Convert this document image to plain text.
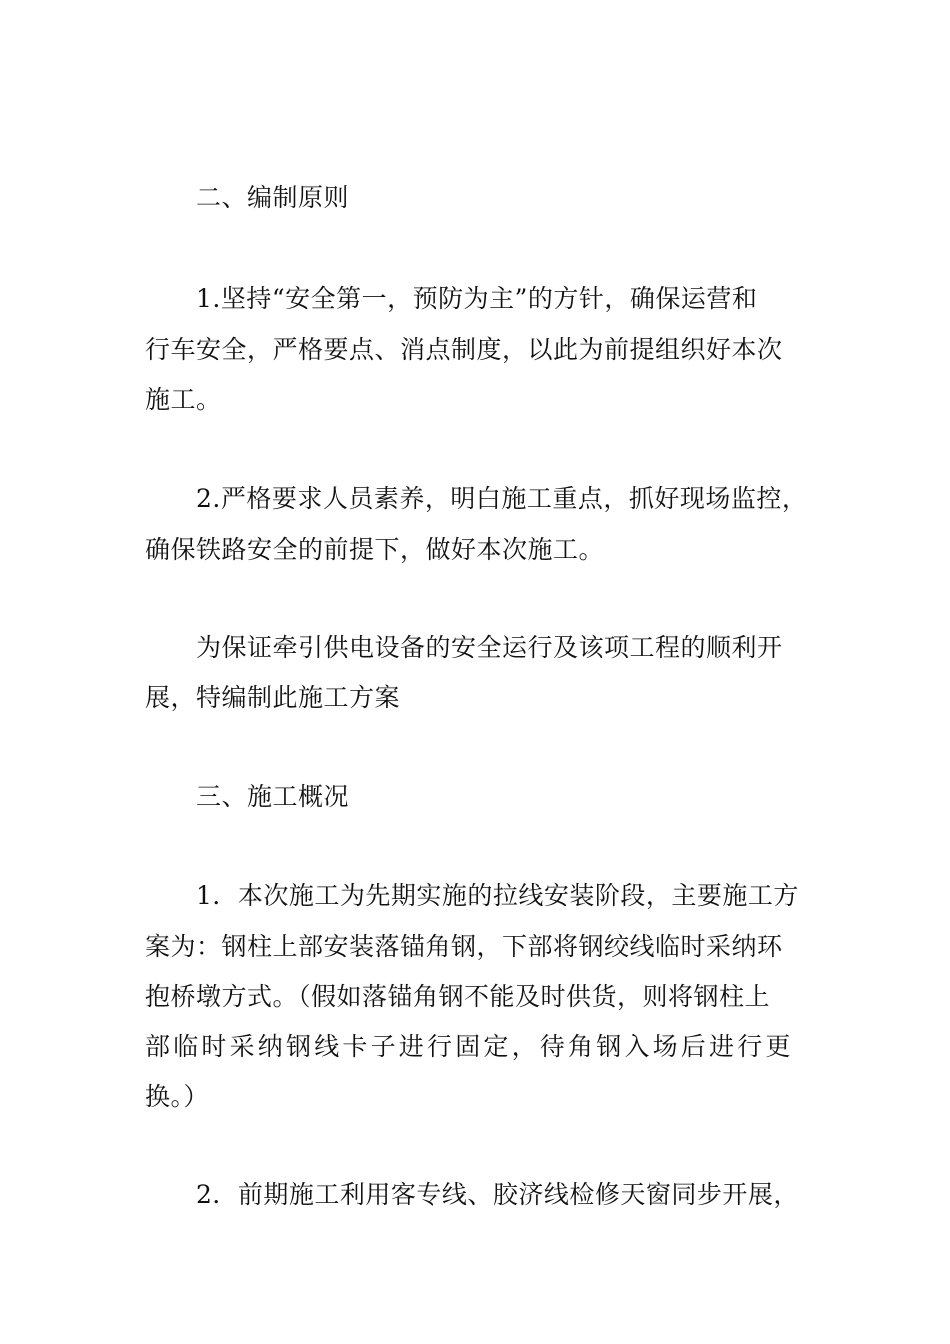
二、编制原则
1.坚持“安全第一，预防为主”的方针，确保运营和
行车安全，严格要点、消点制度，以此为前提组织好本次
施工。
2.严格要求人员素养，明白施工重点，抓好现场监控，
确保铁路安全的前提下，做好本次施工。
为保证牵引供电设备的安全运行及该项工程的顺利开
展，特编制此施工方案
三、施工概况
1．本次施工为先期实施的拉线安装阶段，主要施工方
案为：钢柱上部安装落锚角钢，下部将钢绞线临时采纳环
抱桥墩方式。（假如落锚角钢不能及时供货，则将钢柱上
部临时采纳钢线卡子进行固定，待角钢入场后进行更
换。）
2．前期施工利用客专线、胶济线检修天窗同步开展，
